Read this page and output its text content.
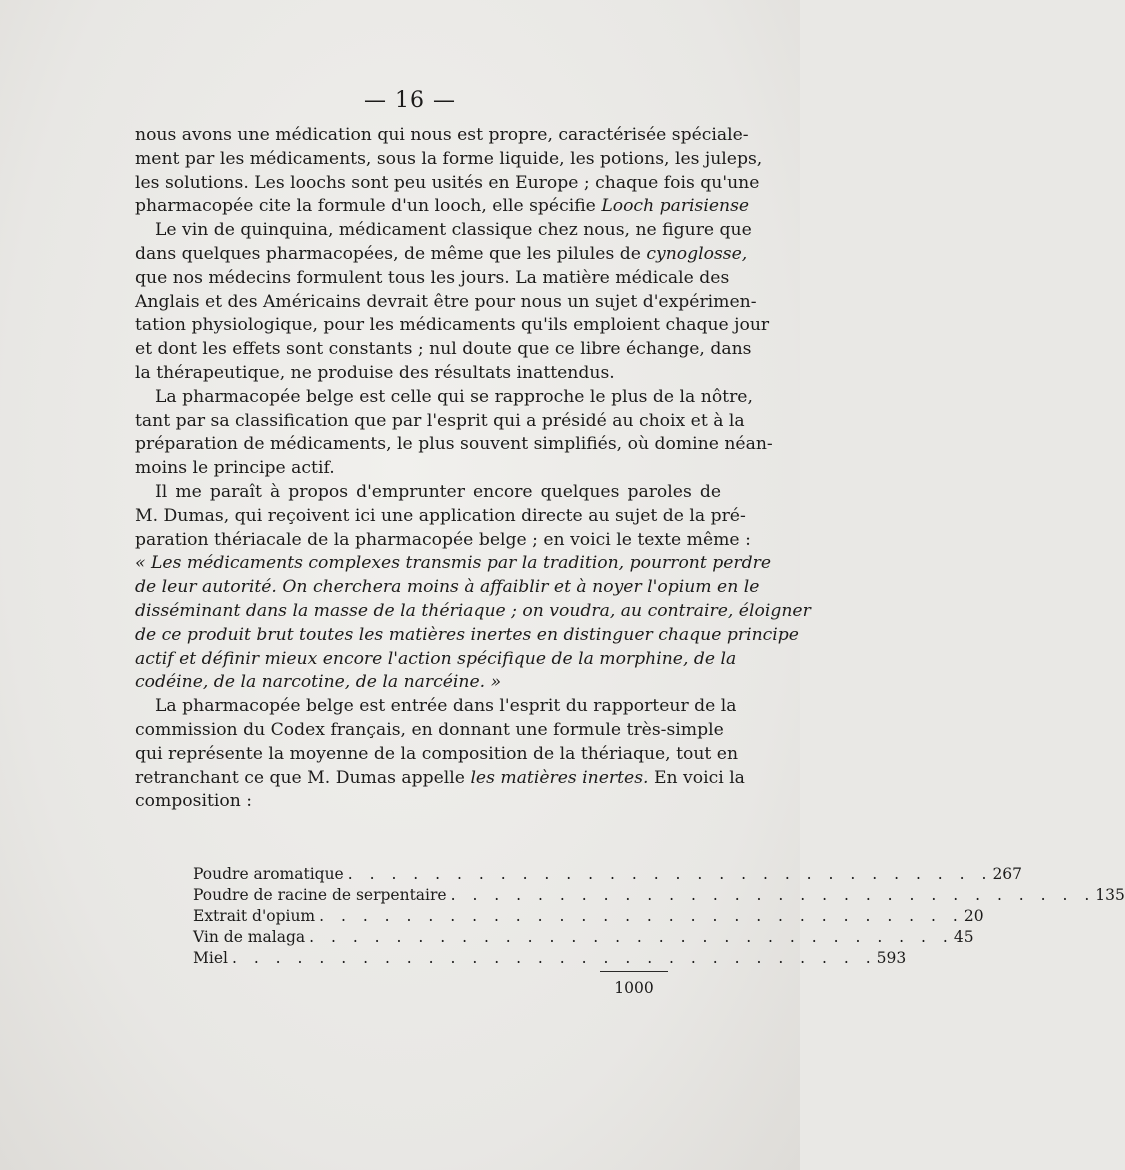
— 16 —
nous avons une médication qui nous est propre, caractérisée spéciale-
ment par les médicaments, sous la forme liquide, les potions, les juleps,
les solutions. Les loochs sont peu usités en Europe ; chaque fois qu'une
pharmacopée cite la formule d'un looch, elle spécifie Looch parisiense
Le vin de quinquina, médicament classique chez nous, ne figure que
dans quelques pharmacopées, de même que les pilules de cynoglosse,
que nos médecins formulent tous les jours. La matière médicale des
Anglais et des Américains devrait être pour nous un sujet d'expérimen-
tation physiologique, pour les médicaments qu'ils emploient chaque jour
et dont les effets sont constants ; nul doute que ce libre échange, dans
la thérapeutique, ne produise des résultats inattendus.
La pharmacopée belge est celle qui se rapproche le plus de la nôtre,
tant par sa classification que par l'esprit qui a présidé au choix et à la
préparation de médicaments, le plus souvent simplifiés, où domine néan-
moins le principe actif.
Il me paraît à propos d'emprunter encore quelques paroles de
M. Dumas, qui reçoivent ici une application directe au sujet de la pré-
paration thériacale de la pharmacopée belge ; en voici le texte même :
« Les médicaments complexes transmis par la tradition, pourront perdre
de leur autorité. On cherchera moins à affaiblir et à noyer l'opium en le
disséminant dans la masse de la thériaque ; on voudra, au contraire, éloigner
de ce produit brut toutes les matières inertes en distinguer chaque principe
actif et définir mieux encore l'action spécifique de la morphine, de la
codéine, de la narcotine, de la narcéine. »
La pharmacopée belge est entrée dans l'esprit du rapporteur de la
commission du Codex français, en donnant une formule très-simple
qui représente la moyenne de la composition de la thériaque, tout en
retranchant ce que M. Dumas appelle les matières inertes. En voici la
composition :
Poudre aromatique . . . . . . . . . . . . . . . . . . . . . . . . . . . . . . 267
Poudre de racine de serpentaire . . . . . . . . . . . . . . . . . . . . . . . . . . . . . . 135
Extrait d'opium . . . . . . . . . . . . . . . . . . . . . . . . . . . . . . 20
Vin de malaga . . . . . . . . . . . . . . . . . . . . . . . . . . . . . . 45
Miel . . . . . . . . . . . . . . . . . . . . . . . . . . . . . . 593
1000
